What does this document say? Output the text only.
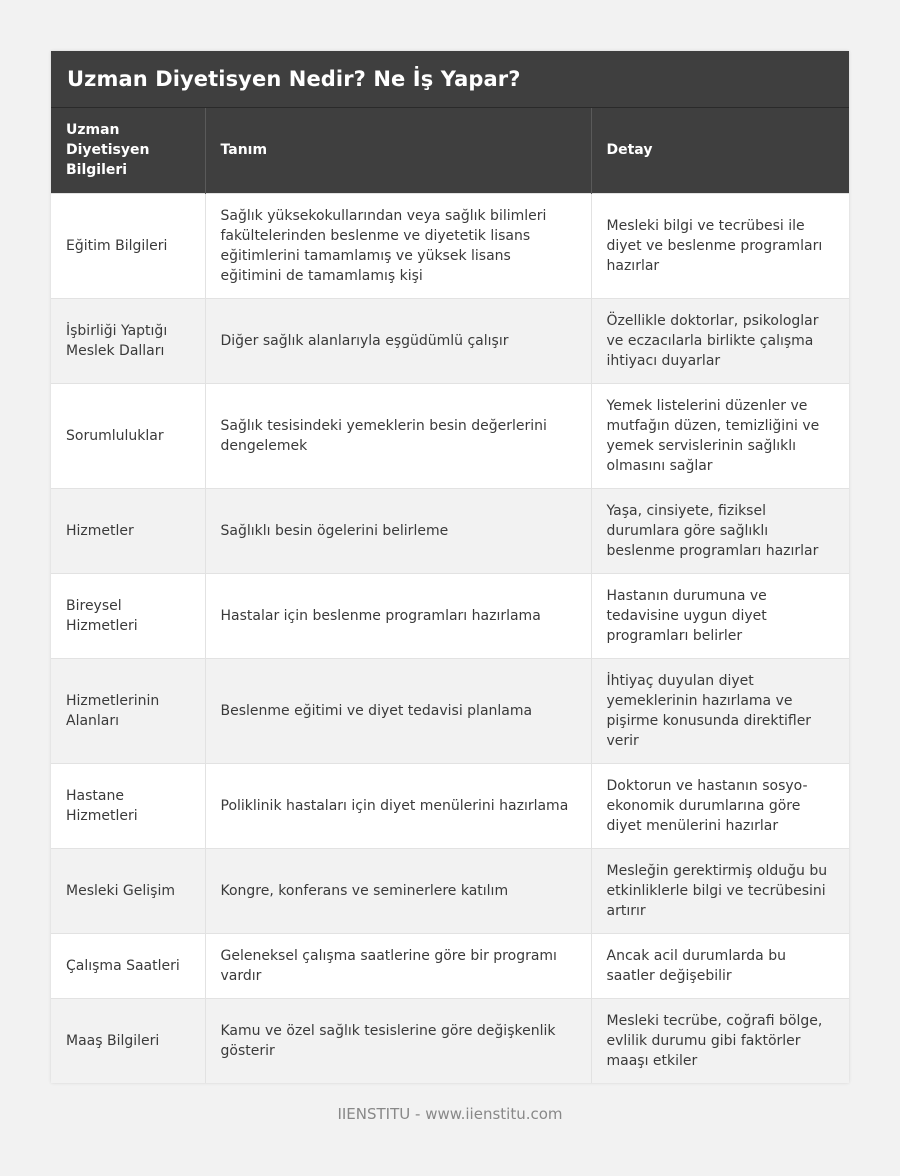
Uzman Diyetisyen Nedir? Ne İş Yapar?
Uzman Diyetisyen Bilgileri	Tanım	Detay
Eğitim Bilgileri	Sağlık yüksekokullarından veya sağlık bilimleri fakültelerinden beslenme ve diyetetik lisans eğitimlerini tamamlamış ve yüksek lisans eğitimini de tamamlamış kişi	Mesleki bilgi ve tecrübesi ile diyet ve beslenme programları hazırlar
İşbirliği Yaptığı Meslek Dalları	Diğer sağlık alanlarıyla eşgüdümlü çalışır	Özellikle doktorlar, psikologlar ve eczacılarla birlikte çalışma ihtiyacı duyarlar
Sorumluluklar	Sağlık tesisindeki yemeklerin besin değerlerini dengelemek	Yemek listelerini düzenler ve mutfağın düzen, temizliğini ve yemek servislerinin sağlıklı olmasını sağlar
Hizmetler	Sağlıklı besin ögelerini belirleme	Yaşa, cinsiyete, fiziksel durumlara göre sağlıklı beslenme programları hazırlar
Bireysel Hizmetleri	Hastalar için beslenme programları hazırlama	Hastanın durumuna ve tedavisine uygun diyet programları belirler
Hizmetlerinin Alanları	Beslenme eğitimi ve diyet tedavisi planlama	İhtiyaç duyulan diyet yemeklerinin hazırlama ve pişirme konusunda direktifler verir
Hastane Hizmetleri	Poliklinik hastaları için diyet menülerini hazırlama	Doktorun ve hastanın sosyo-ekonomik durumlarına göre diyet menülerini hazırlar
Mesleki Gelişim	Kongre, konferans ve seminerlere katılım	Mesleğin gerektirmiş olduğu bu etkinliklerle bilgi ve tecrübesini artırır
Çalışma Saatleri	Geleneksel çalışma saatlerine göre bir programı vardır	Ancak acil durumlarda bu saatler değişebilir
Maaş Bilgileri	Kamu ve özel sağlık tesislerine göre değişkenlik gösterir	Mesleki tecrübe, coğrafi bölge, evlilik durumu gibi faktörler maaşı etkiler
IIENSTITU - www.iienstitu.com
